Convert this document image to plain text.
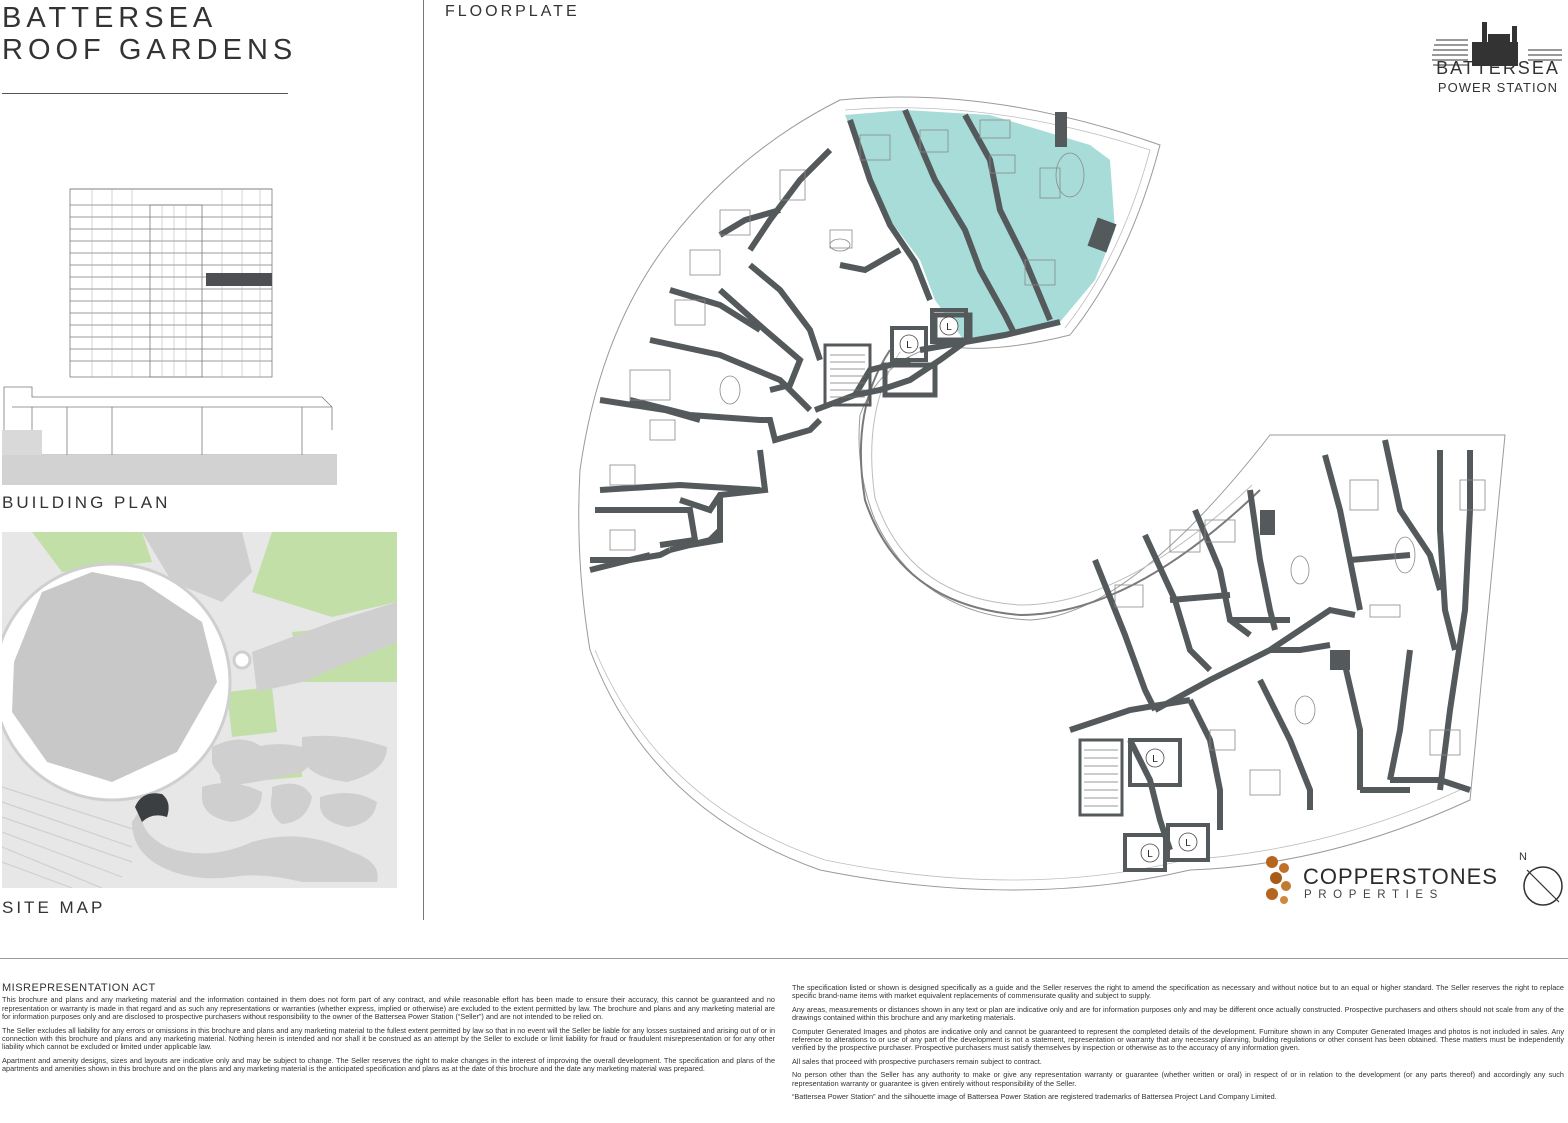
BATTERSEA
ROOF GARDENS
BUILDING PLAN
SITE MAP
FLOORPLATE
L
L
L
L
L
BATTERSEA
POWER STATION
COPPERSTONES
PROPERTIES
N

MISREPRESENTATION ACT

This brochure and plans and any marketing material and the information contained in them does not form part of any contract, and while reasonable effort has been made to ensure their accuracy, this cannot be guaranteed and no representation or warranty is made in that regard and as such any representations or warranties (whether express, implied or otherwise) are excluded to the extent permitted by law. The brochure and plans and any marketing material are for information purposes only and are disclosed to prospective purchasers without responsibility to the owner of the Battersea Power Station (“Seller”) and are not intended to be relied on.

The Seller excludes all liability for any errors or omissions in this brochure and plans and any marketing material to the fullest extent permitted by law so that in no event will the Seller be liable for any losses sustained and arising out of or in connection with this brochure and plans and any marketing material. Nothing herein is intended and nor shall it be construed as an attempt by the Seller to exclude or limit liability for fraud or fraudulent misrepresentation or for any other liability which cannot be excluded or limited under applicable law.

Apartment and amenity designs, sizes and layouts are indicative only and may be subject to change. The Seller reserves the right to make changes in the interest of improving the overall development. The specification and plans of the apartments and amenities shown in this brochure and on the plans and any marketing material is the anticipated specification and plans as at the date of this brochure and the date any marketing material was prepared.

The specification listed or shown is designed specifically as a guide and the Seller reserves the right to amend the specification as necessary and without notice but to an equal or higher standard. The Seller reserves the right to replace specific brand-name items with market equivalent replacements of commensurate quality and subject to supply.

Any areas, measurements or distances shown in any text or plan are indicative only and are for information purposes only and may be different once actually constructed. Prospective purchasers and others should not scale from any of the drawings contained within this brochure and any marketing materials.

Computer Generated Images and photos are indicative only and cannot be guaranteed to represent the completed details of the development. Furniture shown in any Computer Generated Images and photos is not included in sales. Any reference to alterations to or use of any part of the development is not a statement, representation or warranty that any necessary planning, building regulations or other consent has been obtained. These matters must be independently verified by the prospective purchaser. Prospective purchasers must satisfy themselves by inspection or otherwise as to the accuracy of any information given.

All sales that proceed with prospective purchasers remain subject to contract.

No person other than the Seller has any authority to make or give any representation warranty or guarantee (whether written or oral) in respect of or in relation to the development (or any parts thereof) and accordingly any such representation warranty or guarantee is given entirely without responsibility of the Seller.

“Battersea Power Station” and the silhouette image of Battersea Power Station are registered trademarks of Battersea Project Land Company Limited.
